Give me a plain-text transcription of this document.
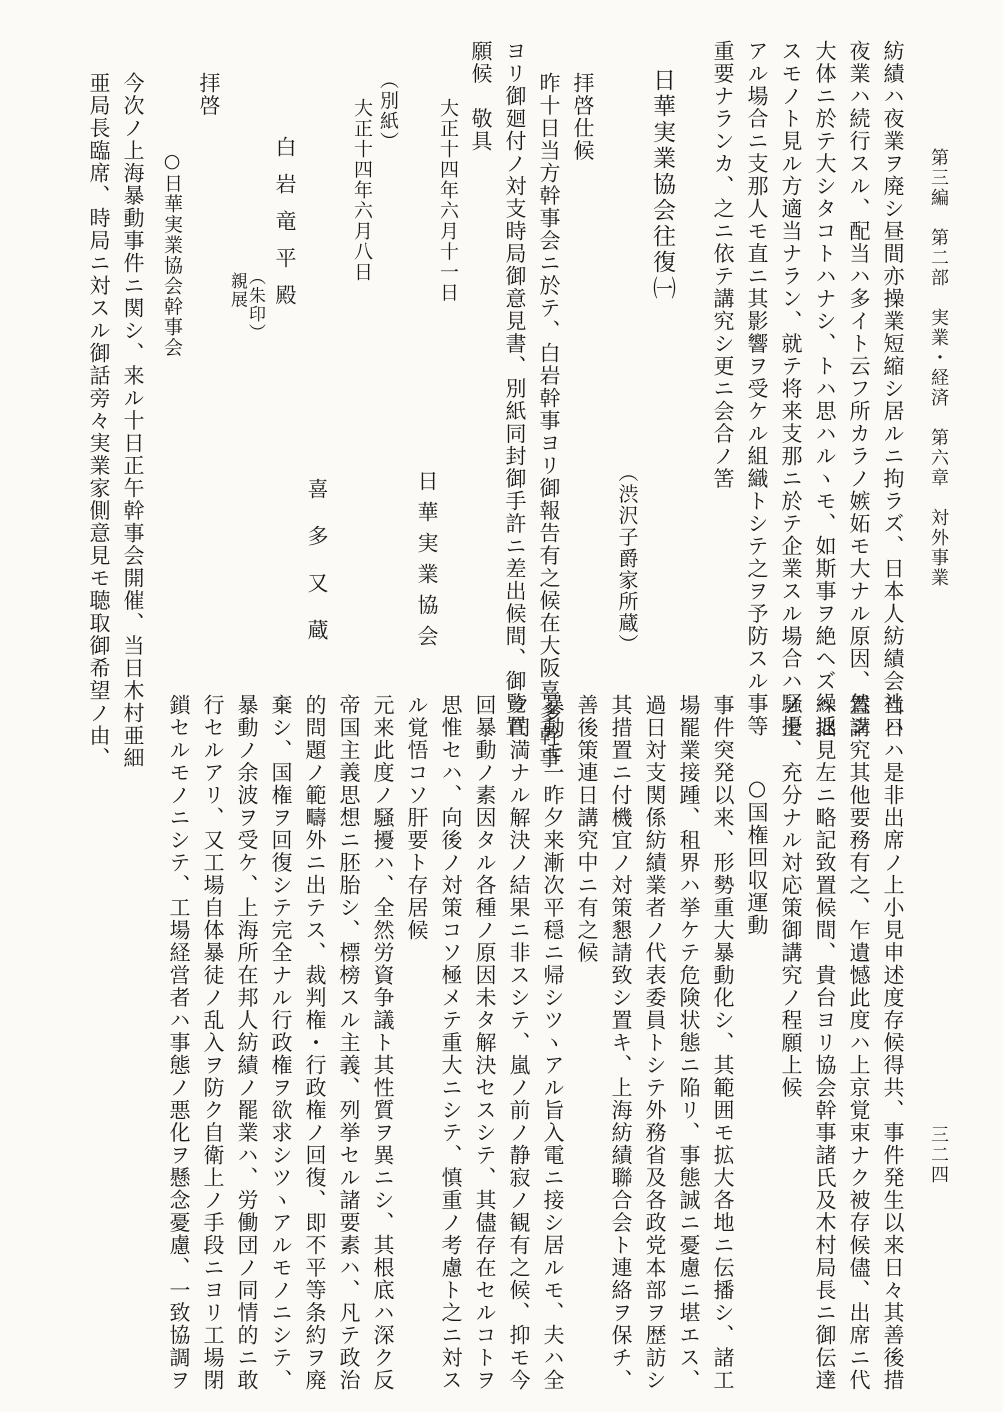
第三編　第二部　実業・経済　第六章　対外事業
三二四
紡績ハ夜業ヲ廃シ昼間亦操業短縮シ居ルニ拘ラズ、日本人紡績会社ハ
夜業ハ続行スル、配当ハ多イト云フ所カラノ嫉妬モ大ナル原因、然シ
大体ニ於テ大シタコトハナシ、トハ思ハルヽモ、如斯事ヲ絶ヘズ繰返
スモノト見ル方適当ナラン、就テ将来支那ニ於テ企業スル場合ハ騒擾
アル場合ニ支那人モ直ニ其影響ヲ受ケル組織トシテ之ヲ予防スル事等
重要ナランカ、之ニ依テ講究シ更ニ会合ノ筈
日華実業協会往復㈠
（渋沢子爵家所蔵）
拝啓仕候
昨十日当方幹事会ニ於テ、白岩幹事ヨリ御報告有之候在大阪喜多幹事
ヨリ御廻付ノ対支時局御意見書、別紙同封御手許ニ差出候間、御覧置
願候　敬具
大正十四年六月十一日
日華実業協会
（別紙）
大正十四年六月八日
喜多又蔵
白岩竜平殿
（朱印）
親展
拝啓
○日華実業協会幹事会
今次ノ上海暴動事件ニ関シ、来ル十日正午幹事会開催、当日木村亜細
亜局長臨席、時局ニ対スル御話旁々実業家側意見モ聴取御希望ノ由、
当日ハ是非出席ノ上小見申述度存候得共、事件発生以来日々其善後措
置講究其他要務有之、乍遺憾此度ハ上京覚束ナク被存候儘、出席ニ代
ヘ拙見左ニ略記致置候間、貴台ヨリ協会幹事諸氏及木村局長ニ御伝達
ノ上、充分ナル対応策御講究ノ程願上候
○国権回収運動
事件突発以来、形勢重大暴動化シ、其範囲モ拡大各地ニ伝播シ、諸工
場罷業接踵、租界ハ挙ケテ危険状態ニ陥リ、事態誠ニ憂慮ニ堪エス、
過日対支関係紡績業者ノ代表委員トシテ外務省及各政党本部ヲ歴訪シ
其措置ニ付機宜ノ対策懇請致シ置キ、上海紡績聯合会ト連絡ヲ保チ、
善後策連日講究中ニ有之候
暴動モ一昨夕来漸次平穏ニ帰シツヽアル旨入電ニ接シ居ルモ、夫ハ全
ク円満ナル解決ノ結果ニ非スシテ、嵐ノ前ノ静寂ノ観有之候、抑モ今
回暴動ノ素因タル各種ノ原因未タ解決セスシテ、其儘存在セルコトヲ
思惟セハ、向後ノ対策コソ極メテ重大ニシテ、慎重ノ考慮ト之ニ対ス
ル覚悟コソ肝要ト存居候
元来此度ノ騒擾ハ、全然労資争議ト其性質ヲ異ニシ、其根底ハ深ク反
帝国主義思想ニ胚胎シ、標榜スル主義、列挙セル諸要素ハ、凡テ政治
的問題ノ範疇外ニ出テス、裁判権・行政権ノ回復、即不平等条約ヲ廃
棄シ、国権ヲ回復シテ完全ナル行政権ヲ欲求シツヽアルモノニシテ、
暴動ノ余波ヲ受ケ、上海所在邦人紡績ノ罷業ハ、労働団ノ同情的ニ敢
行セルアリ、又工場自体暴徒ノ乱入ヲ防ク自衛上ノ手段ニヨリ工場閉
鎖セルモノニシテ、工場経営者ハ事態ノ悪化ヲ懸念憂慮、一致協調ヲ
